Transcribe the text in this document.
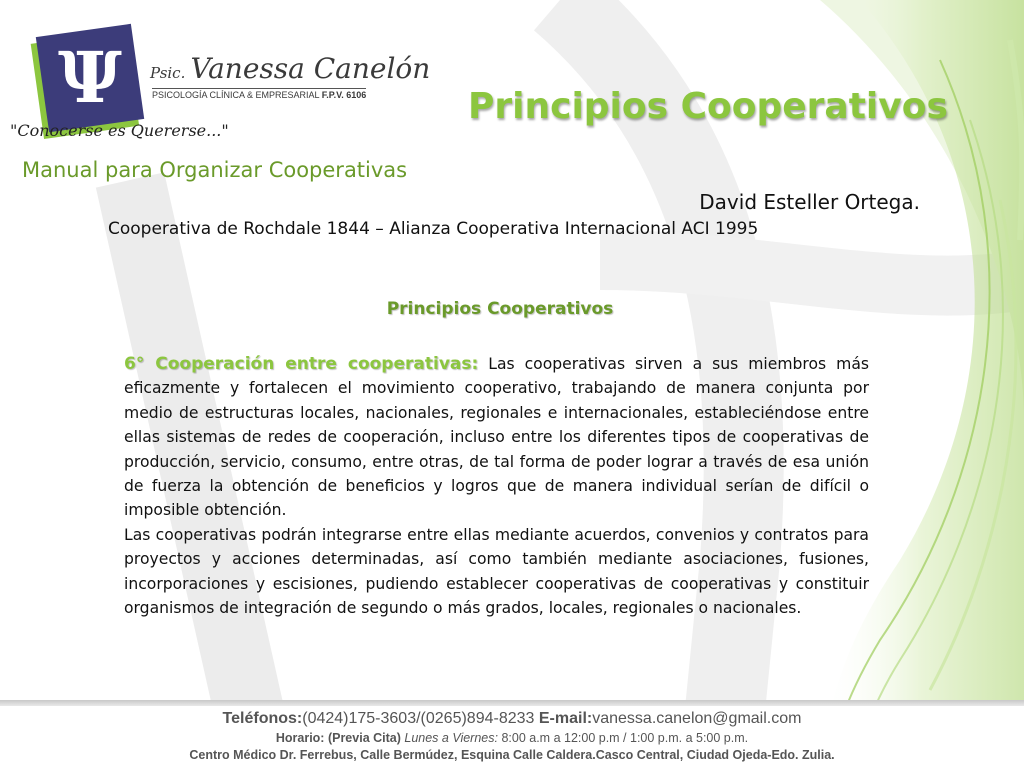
Ψ Psic. Vanessa Canelón
PSICOLOGÍA CLÍNICA & EMPRESARIAL F.P.V. 6106
"Conocerse es Quererse..."
Principios Cooperativos
Manual para Organizar Cooperativas
David Esteller Ortega.
Cooperativa de Rochdale 1844 – Alianza Cooperativa Internacional ACI 1995
Principios Cooperativos

6° Cooperación entre cooperativas: Las cooperativas sirven a sus miembros más eficazmente y fortalecen el movimiento cooperativo, trabajando de manera conjunta por medio de estructuras locales, nacionales, regionales e internacionales, estableciéndose entre ellas sistemas de redes de cooperación, incluso entre los diferentes tipos de cooperativas de producción, servicio, consumo, entre otras, de tal forma de poder lograr a través de esa unión de fuerza la obtención de beneficios y logros que de manera individual serían de difícil o imposible obtención.

Las cooperativas podrán integrarse entre ellas mediante acuerdos, convenios y contratos para proyectos y acciones determinadas, así como también mediante asociaciones, fusiones, incorporaciones y escisiones, pudiendo establecer cooperativas de cooperativas y constituir organismos de integración de segundo o más grados, locales, regionales o nacionales.

Teléfonos:(0424)175-3603/(0265)894-8233 E-mail:vanessa.canelon@gmail.com
Horario: (Previa Cita) Lunes a Viernes: 8:00 a.m a 12:00 p.m / 1:00 p.m. a 5:00 p.m.
Centro Médico Dr. Ferrebus, Calle Bermúdez, Esquina Calle Caldera.Casco Central, Ciudad Ojeda-Edo. Zulia.
